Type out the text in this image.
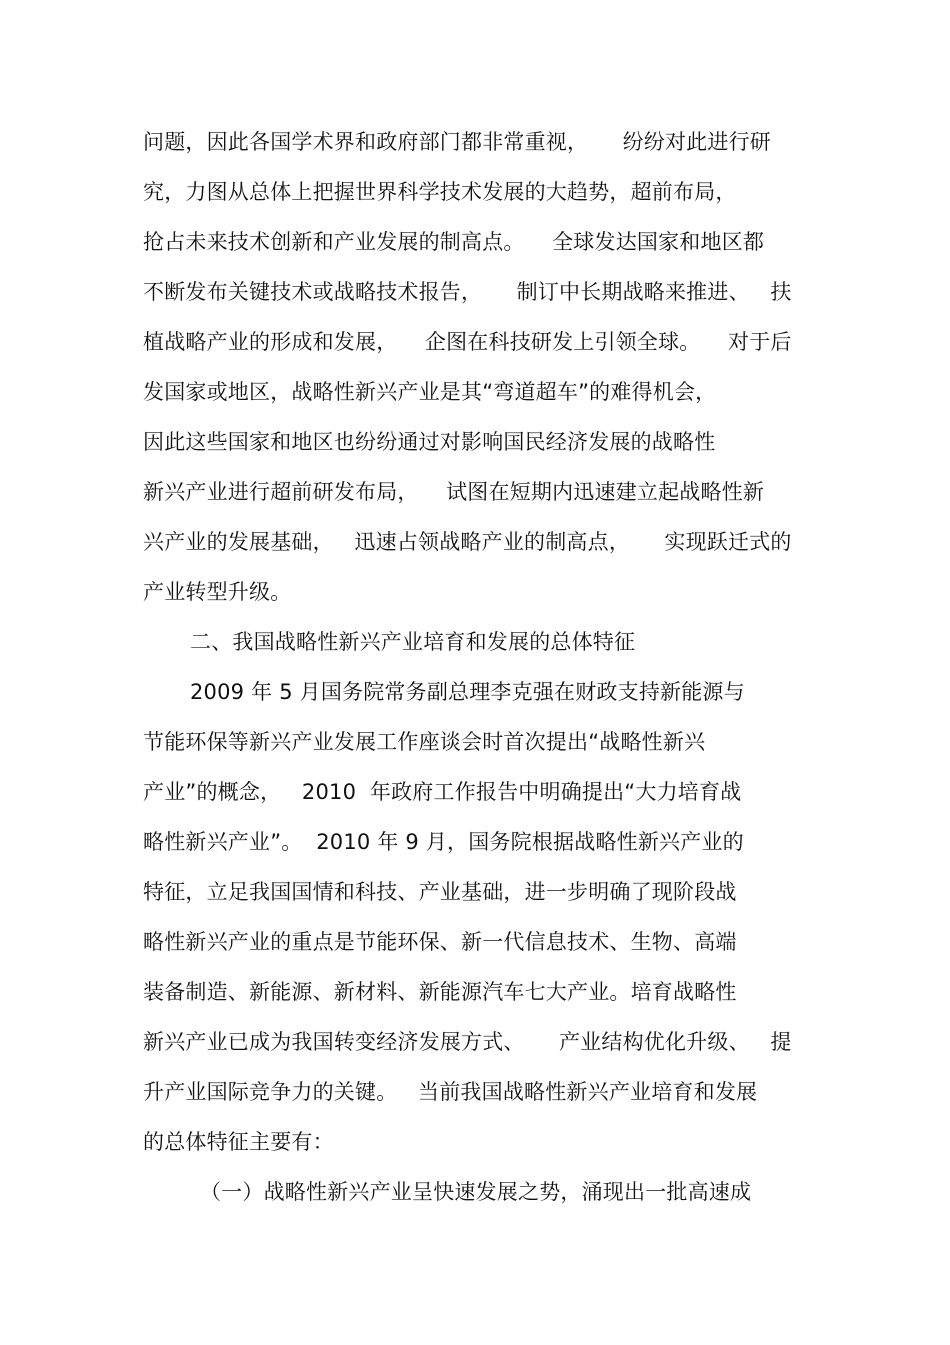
问题，因此各国学术界和政府部门都非常重视，     纷纷对此进行研
究，力图从总体上把握世界科学技术发展的大趋势，超前布局，
抢占未来技术创新和产业发展的制高点。    全球发达国家和地区都
不断发布关键技术或战略技术报告，     制订中长期战略来推进、   扶
植战略产业的形成和发展，    企图在科技研发上引领全球。    对于后
发国家或地区，战略性新兴产业是其“弯道超车”的难得机会，
因此这些国家和地区也纷纷通过对影响国民经济发展的战略性
新兴产业进行超前研发布局，    试图在短期内迅速建立起战略性新
兴产业的发展基础，   迅速占领战略产业的制高点，     实现跃迁式的
产业转型升级。
二、我国战略性新兴产业培育和发展的总体特征
2009 年 5 月国务院常务副总理李克强在财政支持新能源与
节能环保等新兴产业发展工作座谈会时首次提出“战略性新兴
产业”的概念，   2010  年政府工作报告中明确提出“大力培育战
略性新兴产业”。  2010 年 9 月，国务院根据战略性新兴产业的
特征，立足我国国情和科技、产业基础，进一步明确了现阶段战
略性新兴产业的重点是节能环保、新一代信息技术、生物、高端
装备制造、新能源、新材料、新能源汽车七大产业。培育战略性
新兴产业已成为我国转变经济发展方式、     产业结构优化升级、   提
升产业国际竞争力的关键。   当前我国战略性新兴产业培育和发展
的总体特征主要有：
（一）战略性新兴产业呈快速发展之势，涌现出一批高速成
